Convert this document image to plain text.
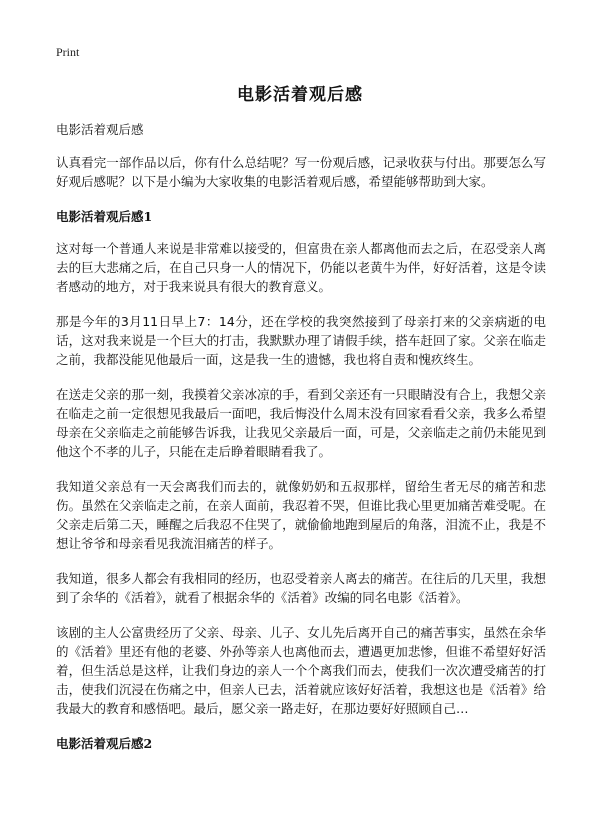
Print
电影活着观后感

电影活着观后感

认真看完一部作品以后，你有什么总结呢？写一份观后感，记录收获与付出。那要怎么写好观后感呢？以下是小编为大家收集的电影活着观后感，希望能够帮助到大家。

电影活着观后感1

这对每一个普通人来说是非常难以接受的，但富贵在亲人都离他而去之后，在忍受亲人离去的巨大悲痛之后，在自己只身一人的情况下，仍能以老黄牛为伴，好好活着，这是令读者感动的地方，对于我来说具有很大的教育意义。

那是今年的3月11日早上7：14分，还在学校的我突然接到了母亲打来的父亲病逝的电话，这对我来说是一个巨大的打击，我默默办理了请假手续，搭车赶回了家。父亲在临走之前，我都没能见他最后一面，这是我一生的遗憾，我也将自责和愧疚终生。

在送走父亲的那一刻，我摸着父亲冰凉的手，看到父亲还有一只眼睛没有合上，我想父亲在临走之前一定很想见我最后一面吧，我后悔没什么周末没有回家看看父亲，我多么希望母亲在父亲临走之前能够告诉我，让我见父亲最后一面，可是，父亲临走之前仍未能见到他这个不孝的儿子，只能在走后睁着眼睛看我了。

我知道父亲总有一天会离我们而去的，就像奶奶和五叔那样，留给生者无尽的痛苦和悲伤。虽然在父亲临走之前，在亲人面前，我忍着不哭，但谁比我心里更加痛苦难受呢。在父亲走后第二天，睡醒之后我忍不住哭了，就偷偷地跑到屋后的角落，泪流不止，我是不想让爷爷和母亲看见我流泪痛苦的样子。

我知道，很多人都会有我相同的经历，也忍受着亲人离去的痛苦。在往后的几天里，我想到了余华的《活着》，就看了根据余华的《活着》改编的同名电影《活着》。

该剧的主人公富贵经历了父亲、母亲、儿子、女儿先后离开自己的痛苦事实，虽然在余华的《活着》里还有他的老婆、外孙等亲人也离他而去，遭遇更加悲惨，但谁不希望好好活着，但生活总是这样，让我们身边的亲人一个个离我们而去，使我们一次次遭受痛苦的打击，使我们沉浸在伤痛之中，但亲人已去，活着就应该好好活着，我想这也是《活着》给我最大的教育和感悟吧。最后，愿父亲一路走好，在那边要好好照顾自己…

电影活着观后感2
